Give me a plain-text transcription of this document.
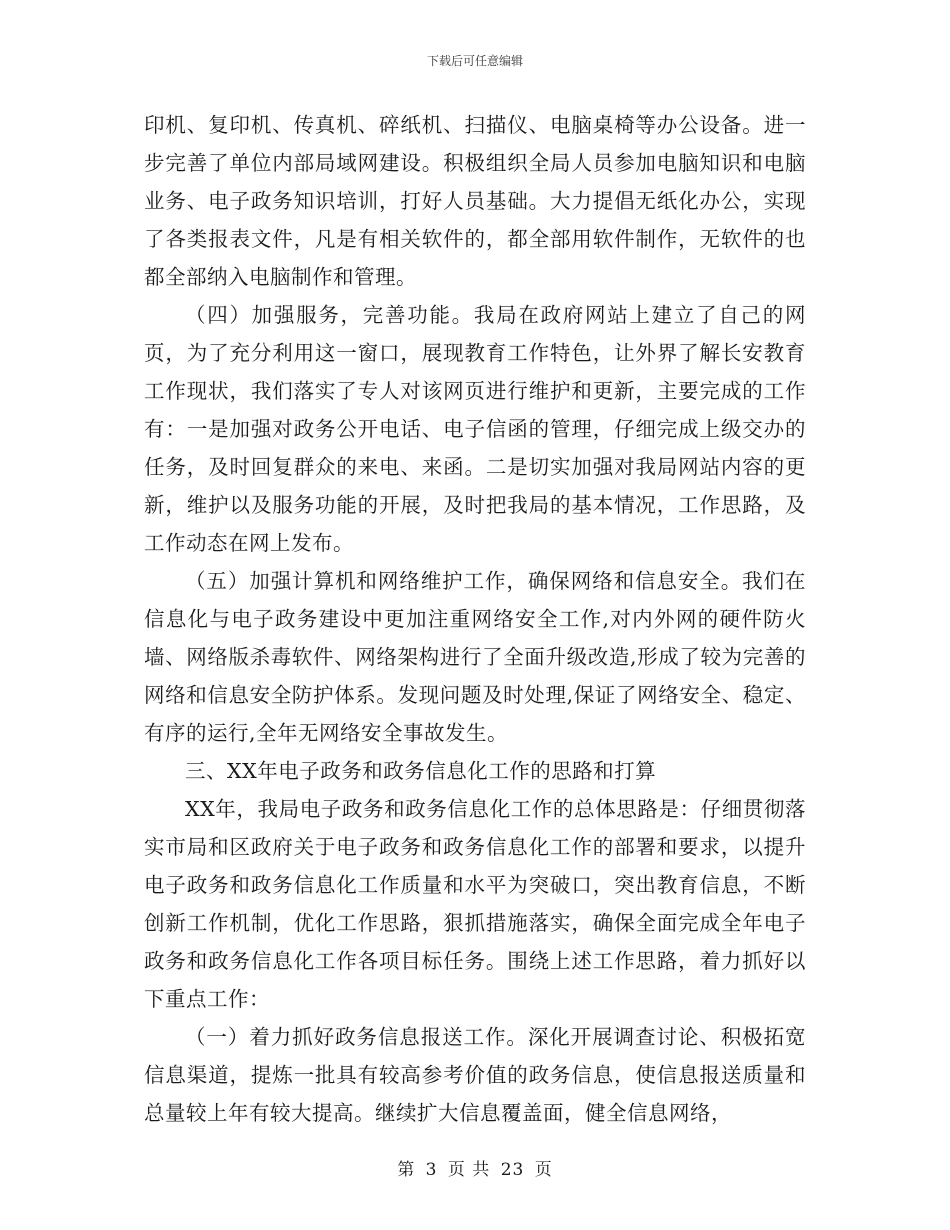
下载后可任意编辑

印机、复印机、传真机、碎纸机、扫描仪、电脑桌椅等办公设备。进一步完善了单位内部局域网建设。积极组织全局人员参加电脑知识和电脑业务、电子政务知识培训，打好人员基础。大力提倡无纸化办公，实现了各类报表文件，凡是有相关软件的，都全部用软件制作，无软件的也都全部纳入电脑制作和管理。

（四）加强服务，完善功能。我局在政府网站上建立了自己的网页，为了充分利用这一窗口，展现教育工作特色，让外界了解长安教育工作现状，我们落实了专人对该网页进行维护和更新，主要完成的工作有：一是加强对政务公开电话、电子信函的管理，仔细完成上级交办的任务，及时回复群众的来电、来函。二是切实加强对我局网站内容的更新，维护以及服务功能的开展，及时把我局的基本情况，工作思路，及工作动态在网上发布。

（五）加强计算机和网络维护工作，确保网络和信息安全。我们在信息化与电子政务建设中更加注重网络安全工作,对内外网的硬件防火墙、网络版杀毒软件、网络架构进行了全面升级改造,形成了较为完善的网络和信息安全防护体系。发现问题及时处理,保证了网络安全、稳定、有序的运行,全年无网络安全事故发生。

三、XX年电子政务和政务信息化工作的思路和打算

XX年，我局电子政务和政务信息化工作的总体思路是：仔细贯彻落实市局和区政府关于电子政务和政务信息化工作的部署和要求，以提升电子政务和政务信息化工作质量和水平为突破口，突出教育信息，不断创新工作机制，优化工作思路，狠抓措施落实，确保全面完成全年电子政务和政务信息化工作各项目标任务。围绕上述工作思路，着力抓好以下重点工作：

（一）着力抓好政务信息报送工作。深化开展调查讨论、积极拓宽信息渠道，提炼一批具有较高参考价值的政务信息，使信息报送质量和总量较上年有较大提高。继续扩大信息覆盖面，健全信息网络，

第 3 页 共 23 页
